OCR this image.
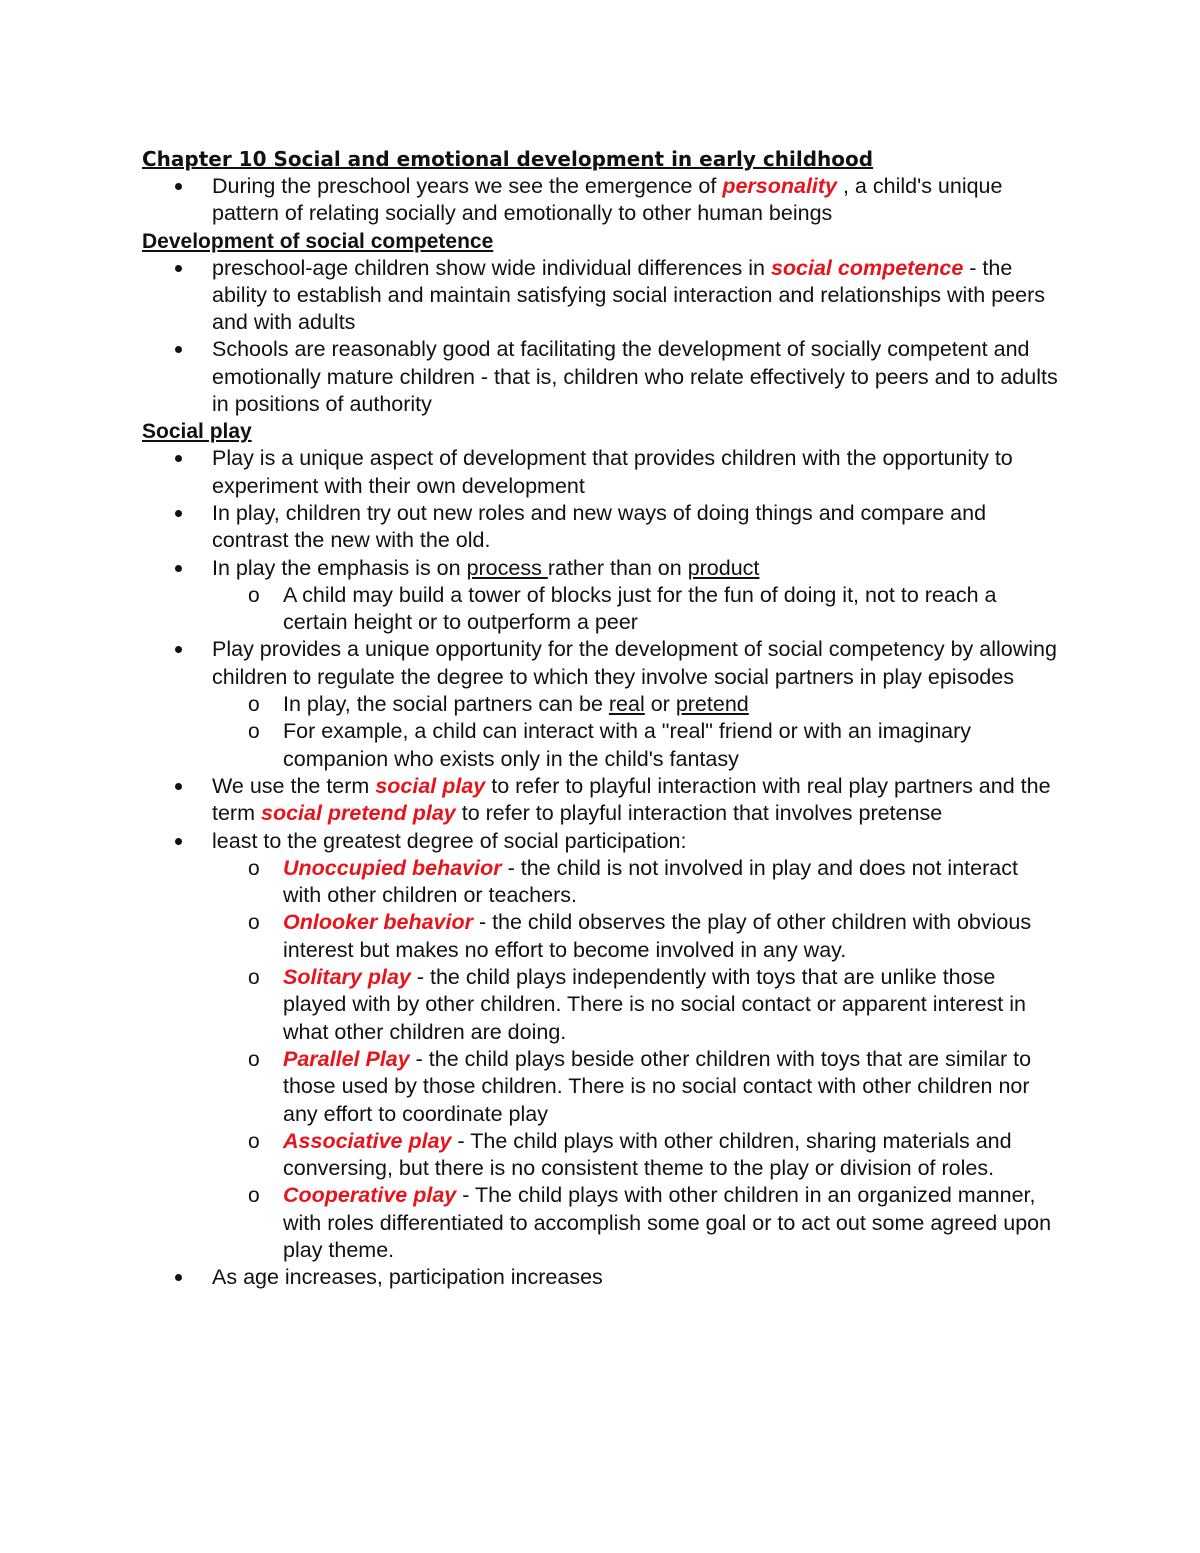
Chapter 10 Social and emotional development in early childhood

During the preschool years we see the emergence of personality , a child's unique pattern of relating socially and emotionally to other human beings

Development of social competence

preschool-age children show wide individual differences in social competence - the ability to establish and maintain satisfying social interaction and relationships with peers and with adults
Schools are reasonably good at facilitating the development of socially competent and emotionally mature children - that is, children who relate effectively to peers and to adults in positions of authority

Social play

Play is a unique aspect of development that provides children with the opportunity to experiment with their own development
In play, children try out new roles and new ways of doing things and compare and contrast the new with the old.
In play the emphasis is on process rather than on product
o A child may build a tower of blocks just for the fun of doing it, not to reach a certain height or to outperform a peer
Play provides a unique opportunity for the development of social competency by allowing children to regulate the degree to which they involve social partners in play episodes
o In play, the social partners can be real or pretend
o For example, a child can interact with a "real" friend or with an imaginary companion who exists only in the child's fantasy
We use the term social play to refer to playful interaction with real play partners and the term social pretend play to refer to playful interaction that involves pretense
least to the greatest degree of social participation:
o Unoccupied behavior - the child is not involved in play and does not interact with other children or teachers.
o Onlooker behavior - the child observes the play of other children with obvious interest but makes no effort to become involved in any way.
o Solitary play - the child plays independently with toys that are unlike those played with by other children. There is no social contact or apparent interest in what other children are doing.
o Parallel Play - the child plays beside other children with toys that are similar to those used by those children. There is no social contact with other children nor any effort to coordinate play
o Associative play - The child plays with other children, sharing materials and conversing, but there is no consistent theme to the play or division of roles.
o Cooperative play - The child plays with other children in an organized manner, with roles differentiated to accomplish some goal or to act out some agreed upon play theme.
As age increases, participation increases
